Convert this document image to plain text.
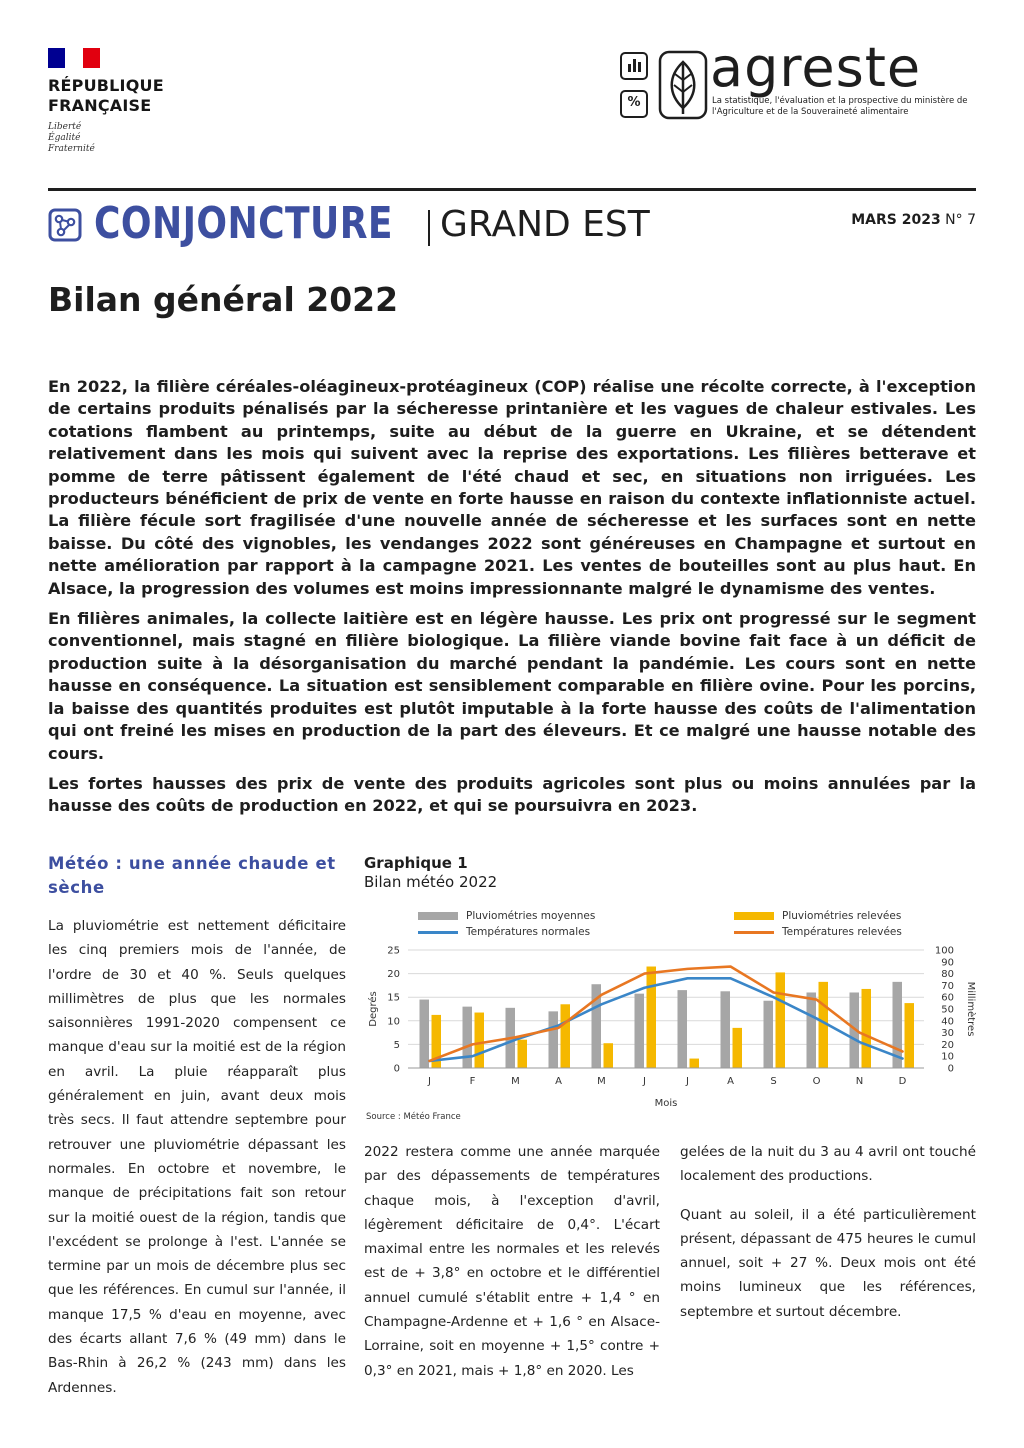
RÉPUBLIQUE
FRANÇAISE
Liberté
Égalité
Fraternité
%
agreste
La statistique, l'évaluation et la prospective du ministère de l'Agriculture et de la Souveraineté alimentaire
CONJONCTURE GRAND EST	MARS 2023 N° 7
Bilan général 2022

En 2022, la filière céréales-oléagineux-protéagineux (COP) réalise une récolte correcte, à l'exception de certains produits pénalisés par la sécheresse printanière et les vagues de chaleur estivales. Les cotations flambent au printemps, suite au début de la guerre en Ukraine, et se détendent relativement dans les mois qui suivent avec la reprise des exportations. Les filières betterave et pomme de terre pâtissent également de l'été chaud et sec, en situations non irriguées. Les producteurs bénéficient de prix de vente en forte hausse en raison du contexte inflationniste actuel. La filière fécule sort fragilisée d'une nouvelle année de sécheresse et les surfaces sont en nette baisse. Du côté des vignobles, les vendanges 2022 sont généreuses en Champagne et surtout en nette amélioration par rapport à la campagne 2021. Les ventes de bouteilles sont au plus haut. En Alsace, la progression des volumes est moins impressionnante malgré le dynamisme des ventes.

En filières animales, la collecte laitière est en légère hausse. Les prix ont progressé sur le segment conventionnel, mais stagné en filière biologique. La filière viande bovine fait face à un déficit de production suite à la désorganisation du marché pendant la pandémie. Les cours sont en nette hausse en conséquence. La situation est sensiblement comparable en filière ovine. Pour les porcins, la baisse des quantités produites est plutôt imputable à la forte hausse des coûts de l'alimentation qui ont freiné les mises en production de la part des éleveurs. Et ce malgré une hausse notable des cours.

Les fortes hausses des prix de vente des produits agricoles sont plus ou moins annulées par la hausse des coûts de production en 2022, et qui se poursuivra en 2023.

Météo : une année chaude et sèche

La pluviométrie est nettement déficitaire les cinq premiers mois de l'année, de l'ordre de 30 et 40 %. Seuls quelques millimètres de plus que les normales saisonnières 1991-2020 compensent ce manque d'eau sur la moitié est de la région en avril. La pluie réapparaît plus généralement en juin, avant deux mois très secs. Il faut attendre septembre pour retrouver une pluviométrie dépassant les normales. En octobre et novembre, le manque de précipitations fait son retour sur la moitié ouest de la région, tandis que l'excédent se prolonge à l'est. L'année se termine par un mois de décembre plus sec que les références. En cumul sur l'année, il manque 17,5 % d'eau en moyenne, avec des écarts allant 7,6 % (49 mm) dans le Bas-Rhin à 26,2 % (243 mm) dans les Ardennes.

Graphique 1
Bilan météo 2022
Pluviométries moyennes
Températures normales
Pluviométries relevées
Températures relevées
0
5
10
15
20
25
0
10
20
30
40
50
60
70
80
90
100
Degrés	Millimètres
Mois
J	F	M	A	M	J	J	A	S	O	N	D
Source : Météo France

2022 restera comme une année marquée par des dépassements de températures chaque mois, à l'exception d'avril, légèrement déficitaire de 0,4°. L'écart maximal entre les normales et les relevés est de + 3,8° en octobre et le différentiel annuel cumulé s'établit entre + 1,4 ° en Champagne-Ardenne et + 1,6 ° en Alsace-Lorraine, soit en moyenne + 1,5° contre + 0,3° en 2021, mais + 1,8° en 2020. Les

gelées de la nuit du 3 au 4 avril ont touché localement des productions.

Quant au soleil, il a été particulièrement présent, dépassant de 475 heures le cumul annuel, soit + 27 %. Deux mois ont été moins lumineux que les références, septembre et surtout décembre.
